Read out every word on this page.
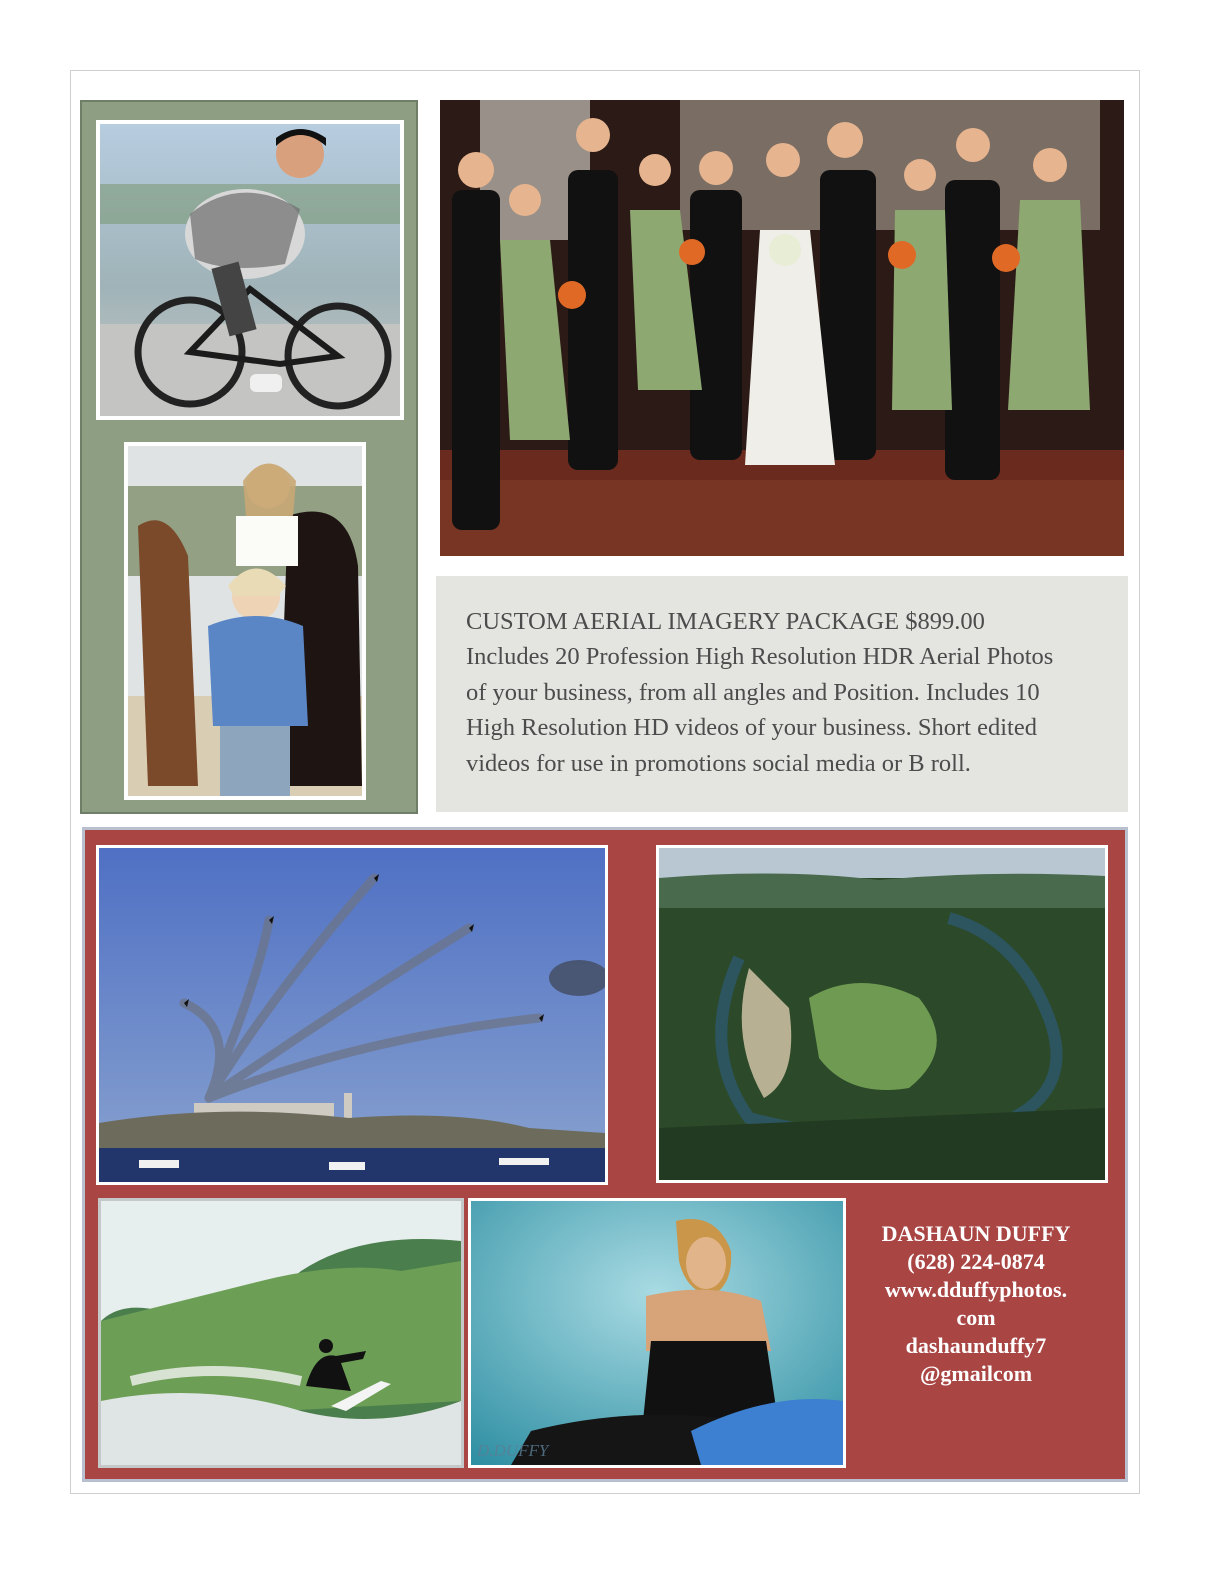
CUSTOM AERIAL IMAGERY PACKAGE $899.00
Includes 20 Profession High Resolution HDR Aerial Photos
of your business, from all angles and Position. Includes 10
High Resolution HD videos of your business. Short edited
videos for use in promotions social media or B roll.
D.DUFFY
DASHAUN DUFFY
(628) 224-0874
www.dduffyphotos.
com
dashaunduffy7
@gmailcom
